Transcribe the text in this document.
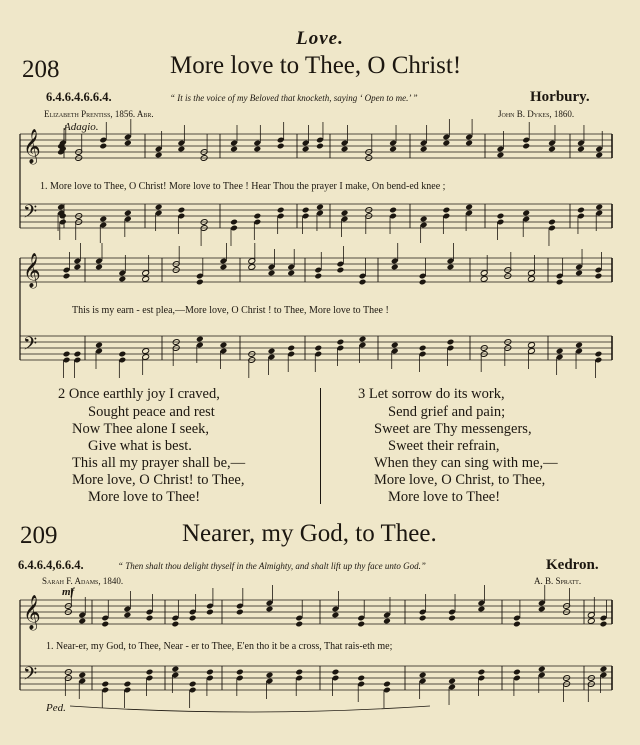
Love.
208	More love to Thee, O Christ!
6.4.6.4.6.6.4.	“ It is the voice of my Beloved that knocketh, saying ‘ Open to me.’ ”	Horbury.
Elizabeth Prentiss, 1856. Abr.	John B. Dykes, 1860.
Adagio.
𝄞
𝄢
𝄞
𝄢
𝄞
𝄢
1. More love to Thee, O Christ! More love to Thee ! Hear Thou the prayer I make, On bend-ed knee ;
This is my earn - est plea,—More love, O Christ ! to Thee, More love to Thee !
2 Once earthly joy I craved,
Sought peace and rest
Now Thee alone I seek,
Give what is best.
This all my prayer shall be,—
More love, O Christ! to Thee,
More love to Thee!
3 Let sorrow do its work,
Send grief and pain;
Sweet are Thy messengers,
Sweet their refrain,
When they can sing with me,—
More love, O Christ, to Thee,
More love to Thee!
209	Nearer, my God, to Thee.
6.4.6.4,6.6.4.	“ Then shalt thou delight thyself in the Almighty, and shalt lift up thy face unto God.”	Kedron.
Sarah F. Adams, 1840.	A. B. Spratt.
mf
1. Near-er, my God, to Thee, Near - er to Thee, E'en tho it be a cross, That rais-eth me;
Ped.
